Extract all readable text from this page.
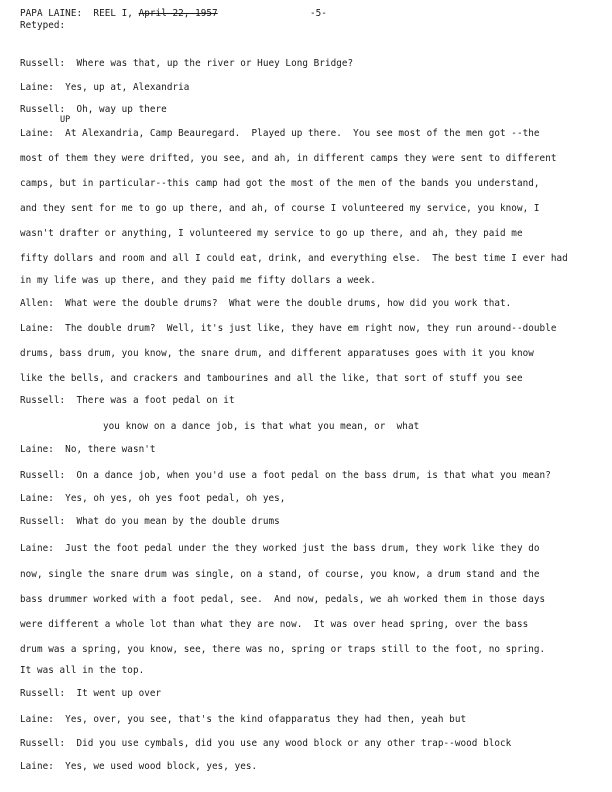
PAPA LAINE: REEL I, April 22, 1957	-5-
Retyped:
Russell:  Where was that, up the river or Huey Long Bridge?
Laine:  Yes, up at, Alexandria
Russell:  Oh, way up there
UP
Laine:  At Alexandria, Camp Beauregard.  Played up there.  You see most of the men got --the
most of them they were drifted, you see, and ah, in different camps they were sent to different
camps, but in particular--this camp had got the most of the men of the bands you understand,
and they sent for me to go up there, and ah, of course I volunteered my service, you know, I
wasn't drafter or anything, I volunteered my service to go up there, and ah, they paid me
fifty dollars and room and all I could eat, drink, and everything else.  The best time I ever had
in my life was up there, and they paid me fifty dollars a week.
Allen:  What were the double drums?  What were the double drums, how did you work that.
Laine:  The double drum?  Well, it's just like, they have em right now, they run around--double
drums, bass drum, you know, the snare drum, and different apparatuses goes with it you know
like the bells, and crackers and tambourines and all the like, that sort of stuff you see
Russell:  There was a foot pedal on it
you know on a dance job, is that what you mean, or  what
Laine:  No, there wasn't
Russell:  On a dance job, when you'd use a foot pedal on the bass drum, is that what you mean?
Laine:  Yes, oh yes, oh yes foot pedal, oh yes,
Russell:  What do you mean by the double drums
Laine:  Just the foot pedal under the they worked just the bass drum, they work like they do
now, single the snare drum was single, on a stand, of course, you know, a drum stand and the
bass drummer worked with a foot pedal, see.  And now, pedals, we ah worked them in those days
were different a whole lot than what they are now.  It was over head spring, over the bass
drum was a spring, you know, see, there was no, spring or traps still to the foot, no spring.
It was all in the top.
Russell:  It went up over
Laine:  Yes, over, you see, that's the kind ofapparatus they had then, yeah but
Russell:  Did you use cymbals, did you use any wood block or any other trap--wood block
Laine:  Yes, we used wood block, yes, yes.
